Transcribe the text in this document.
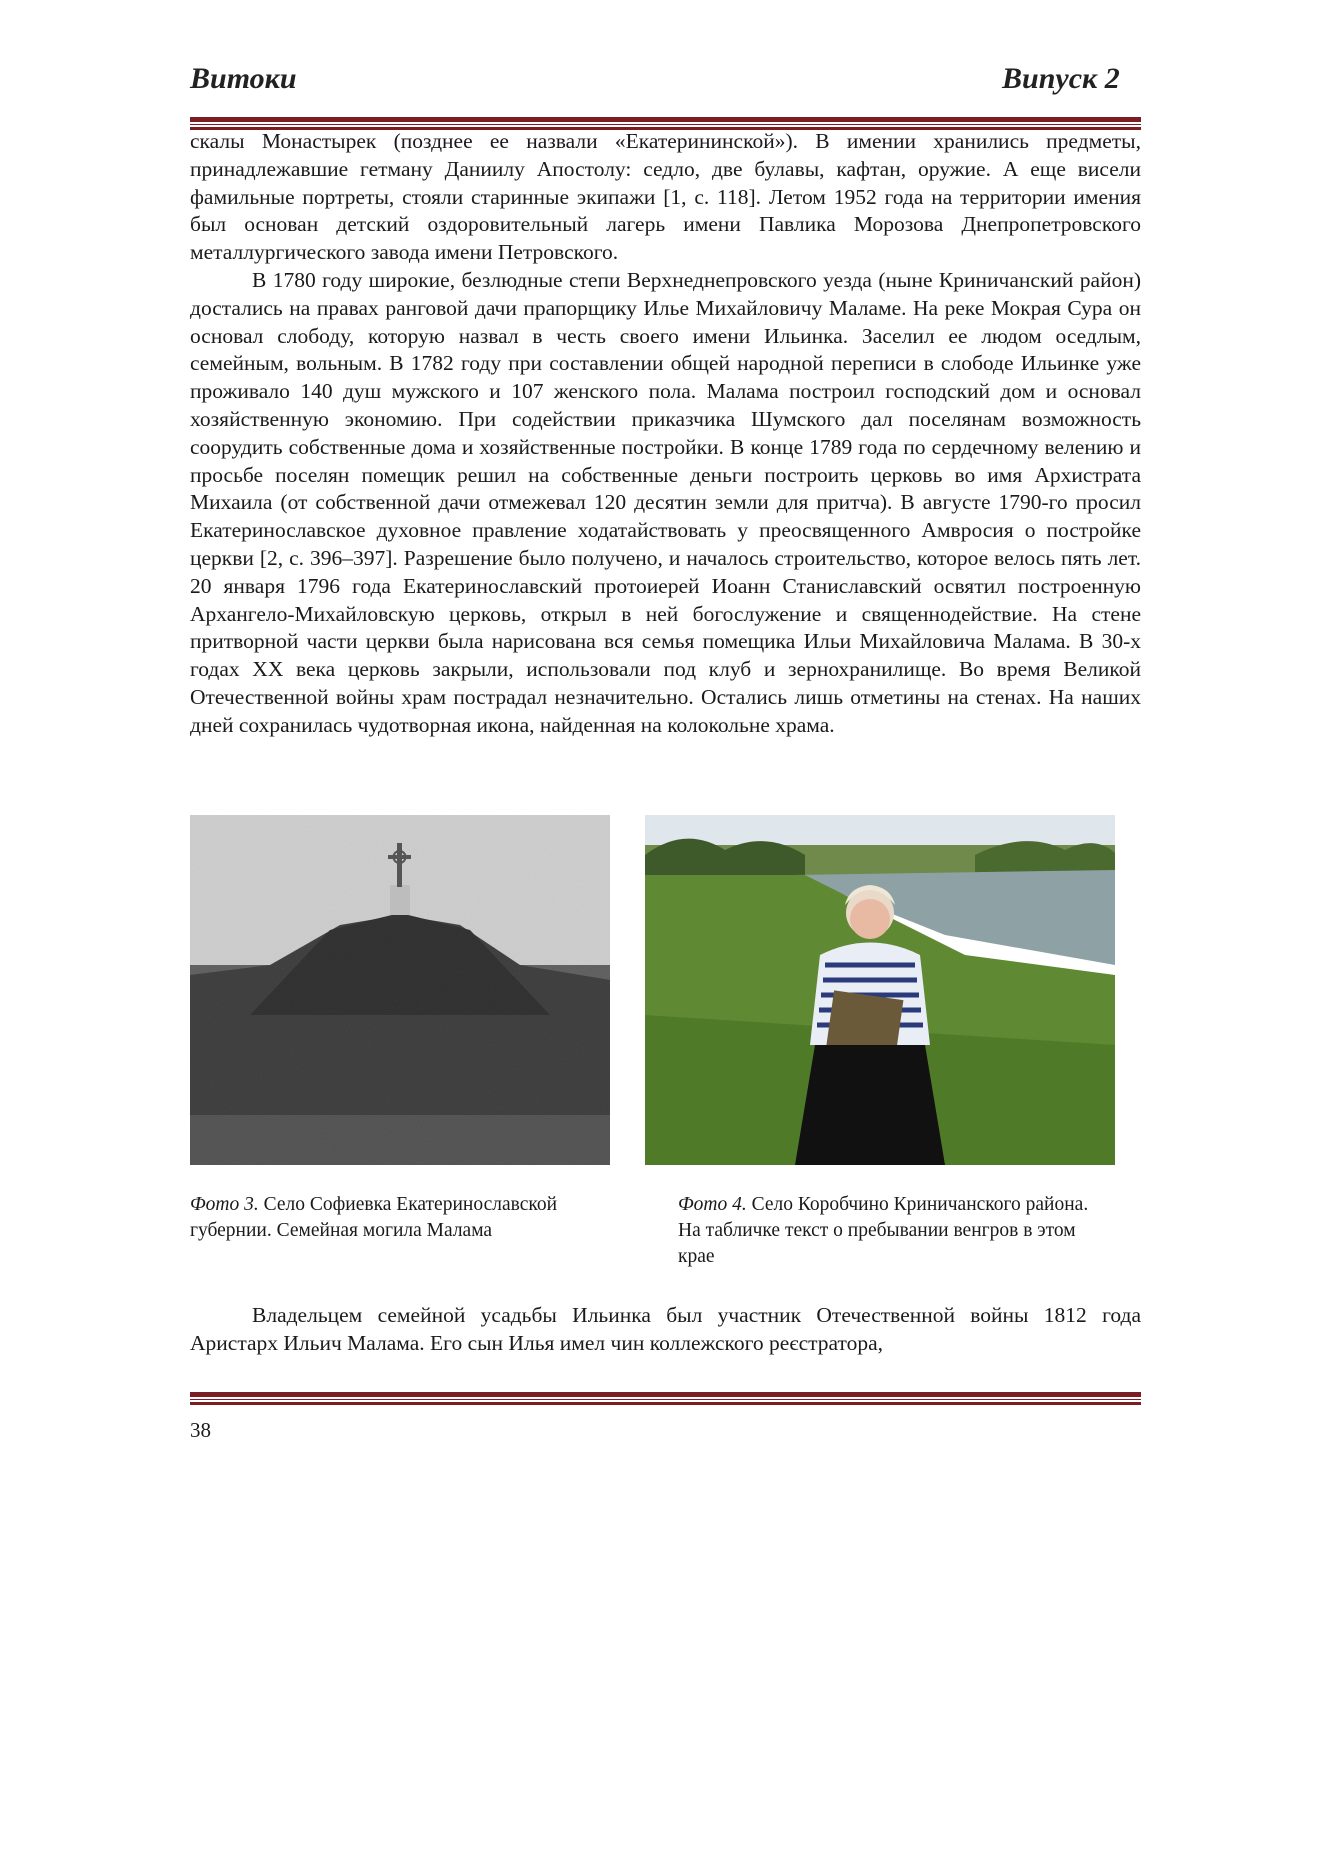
Витоки	Випуск 2

скалы Монастырек (позднее ее назвали «Екатерининской»). В имении хранились предметы, принадлежавшие гетману Даниилу Апостолу: седло, две булавы, кафтан, оружие. А еще висели фамильные портреты, стояли старинные экипажи [1, с. 118]. Летом 1952 года на территории имения был основан детский оздоровительный лагерь имени Павлика Морозова Днепропетровского металлургического завода имени Петровского.

В 1780 году широкие, безлюдные степи Верхнеднепровского уезда (ныне Криничанский район) достались на правах ранговой дачи прапорщику Илье Михайловичу Маламе. На реке Мокрая Сура он основал слободу, которую назвал в честь своего имени Ильинка. Заселил ее людом оседлым, семейным, вольным. В 1782 году при составлении общей народной переписи в слободе Ильинке уже проживало 140 душ мужского и 107 женского пола. Малама построил господский дом и основал хозяйственную экономию. При содействии приказчика Шумского дал поселянам возможность соорудить собственные дома и хозяйственные постройки. В конце 1789 года по сердечному велению и просьбе поселян помещик решил на собственные деньги построить церковь во имя Архистрата Михаила (от собственной дачи отмежевал 120 десятин земли для притча). В августе 1790-го просил Екатеринославское духовное правление ходатайствовать у преосвященного Амвросия о постройке церкви [2, с. 396–397]. Разрешение было получено, и началось строительство, которое велось пять лет. 20 января 1796 года Екатеринославский протоиерей Иоанн Станиславский освятил построенную Архангело-Михайловскую церковь, открыл в ней богослужение и священнодействие. На стене притворной части церкви была нарисована вся семья помещика Ильи Михайловича Малама. В 30-х годах XX века церковь закрыли, использовали под клуб и зернохранилище. Во время Великой Отечественной войны храм пострадал незначительно. Остались лишь отметины на стенах. На наших дней сохранилась чудотворная икона, найденная на колокольне храма.

Фото 3. Село Софиевка Екатеринославской губернии. Семейная могила Малама
Фото 4. Село Коробчино Криничанского района. На табличке текст о пребывании венгров в этом крае

Владельцем семейной усадьбы Ильинка был участник Отечественной войны 1812 года Аристарх Ильич Малама. Его сын Илья имел чин коллежского реєстратора,

38
